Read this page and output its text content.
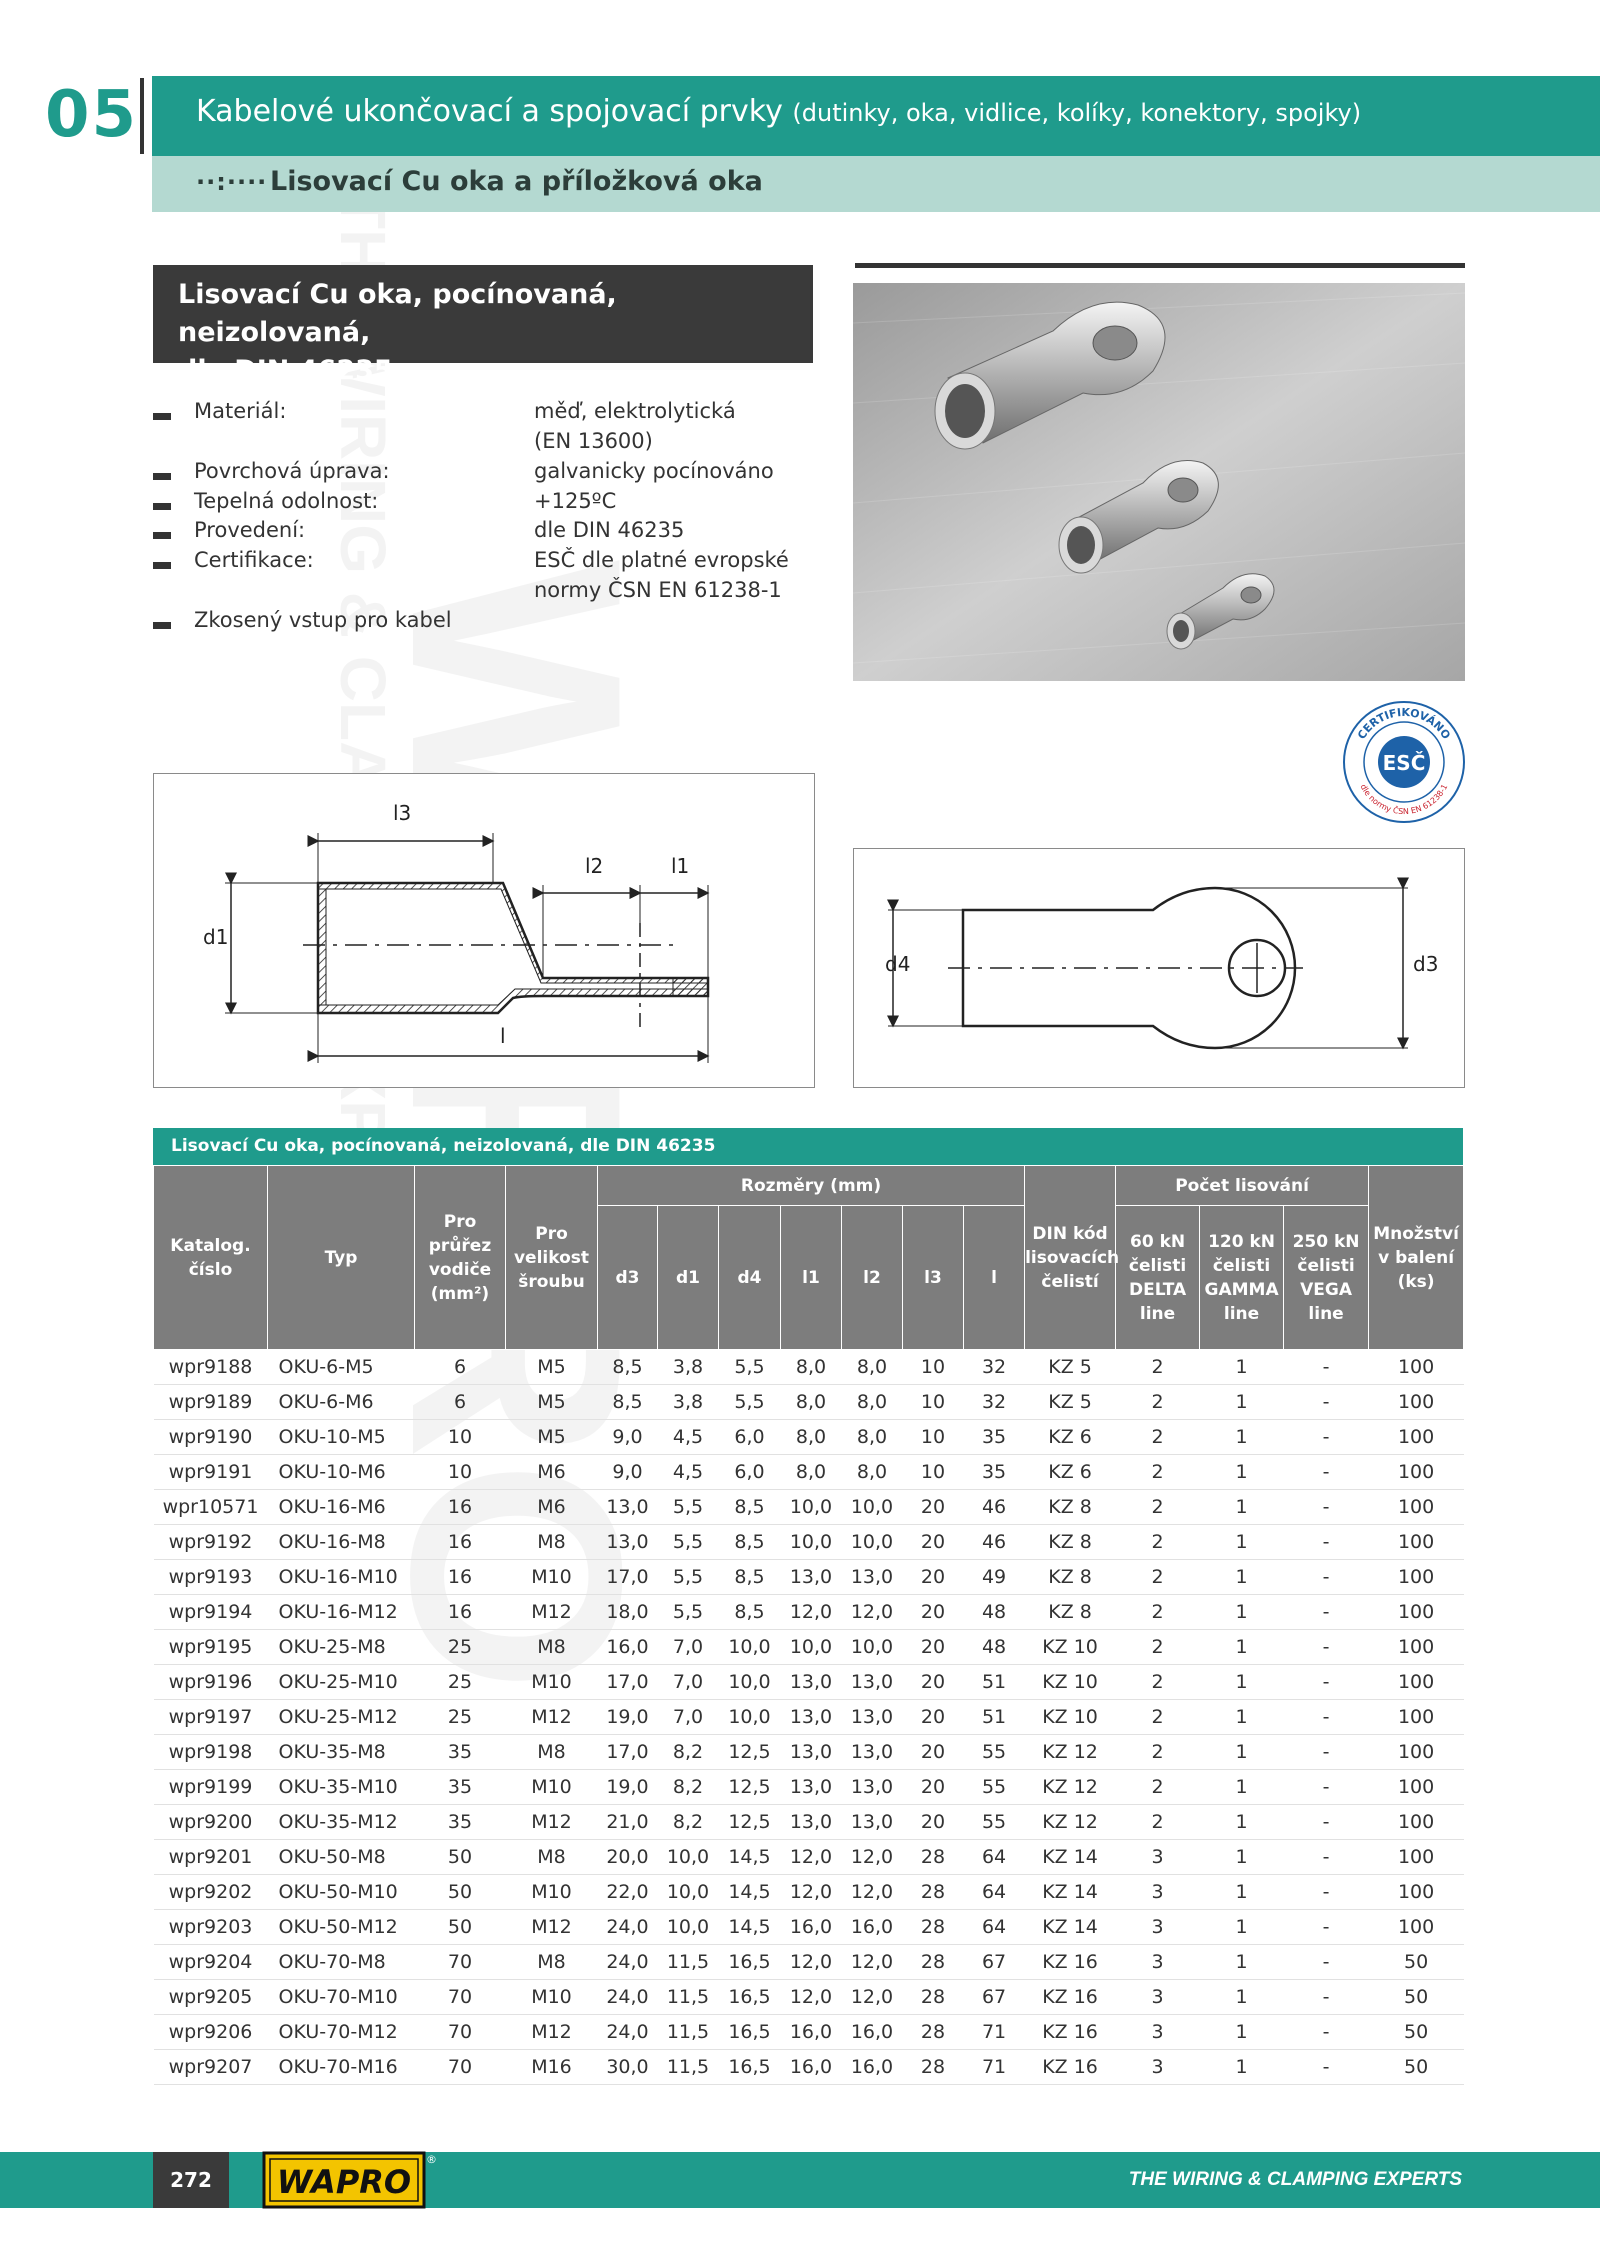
05 Kabelové ukončovací a spojovací prvky (dutinky, oka, vidlice, kolíky, konektory, spojky)
··:···· Lisovací Cu oka a příložková oka
Lisovací Cu oka, pocínovaná, neizolovaná,
dle DIN 46235
Materiál:	měď, elektrolytická
(EN 13600)
Povrchová úprava:	galvanicky pocínováno
Tepelná odolnost:	+125ºC
Provedení:	dle DIN 46235
Certifikace:	ESČ dle platné evropské
normy ČSN EN 61238-1
Zkosený vstup pro kabel
CERTIFIKOVÁNO
dle normy ČSN EN 61238-1
ESČ
d1
l3
l2	l1
l
d4	d3
Lisovací Cu oka, pocínovaná, neizolovaná, dle DIN 46235
Katalog.
číslo	Typ	Pro
průřez
vodiče
(mm²)	Pro
velikost
šroubu	Rozměry (mm)							DIN kód
lisovacích
čelistí	Počet lisování			Množství
v balení
(ks)
				d3	d1	d4	l1	l2	l3	l		60 kN
čelisti
DELTA
line	120 kN
čelisti
GAMMA
line	250 kN
čelisti
VEGA
line	
wpr9188	OKU-6-M5	6	M5	8,5	3,8	5,5	8,0	8,0	10	32	KZ 5	2	1	-	100
wpr9189	OKU-6-M6	6	M5	8,5	3,8	5,5	8,0	8,0	10	32	KZ 5	2	1	-	100
wpr9190	OKU-10-M5	10	M5	9,0	4,5	6,0	8,0	8,0	10	35	KZ 6	2	1	-	100
wpr9191	OKU-10-M6	10	M6	9,0	4,5	6,0	8,0	8,0	10	35	KZ 6	2	1	-	100
wpr10571	OKU-16-M6	16	M6	13,0	5,5	8,5	10,0	10,0	20	46	KZ 8	2	1	-	100
wpr9192	OKU-16-M8	16	M8	13,0	5,5	8,5	10,0	10,0	20	46	KZ 8	2	1	-	100
wpr9193	OKU-16-M10	16	M10	17,0	5,5	8,5	13,0	13,0	20	49	KZ 8	2	1	-	100
wpr9194	OKU-16-M12	16	M12	18,0	5,5	8,5	12,0	12,0	20	48	KZ 8	2	1	-	100
wpr9195	OKU-25-M8	25	M8	16,0	7,0	10,0	10,0	10,0	20	48	KZ 10	2	1	-	100
wpr9196	OKU-25-M10	25	M10	17,0	7,0	10,0	13,0	13,0	20	51	KZ 10	2	1	-	100
wpr9197	OKU-25-M12	25	M12	19,0	7,0	10,0	13,0	13,0	20	51	KZ 10	2	1	-	100
wpr9198	OKU-35-M8	35	M8	17,0	8,2	12,5	13,0	13,0	20	55	KZ 12	2	1	-	100
wpr9199	OKU-35-M10	35	M10	19,0	8,2	12,5	13,0	13,0	20	55	KZ 12	2	1	-	100
wpr9200	OKU-35-M12	35	M12	21,0	8,2	12,5	13,0	13,0	20	55	KZ 12	2	1	-	100
wpr9201	OKU-50-M8	50	M8	20,0	10,0	14,5	12,0	12,0	28	64	KZ 14	3	1	-	100
wpr9202	OKU-50-M10	50	M10	22,0	10,0	14,5	12,0	12,0	28	64	KZ 14	3	1	-	100
wpr9203	OKU-50-M12	50	M12	24,0	10,0	14,5	16,0	16,0	28	64	KZ 14	3	1	-	100
wpr9204	OKU-70-M8	70	M8	24,0	11,5	16,5	12,0	12,0	28	67	KZ 16	3	1	-	50
wpr9205	OKU-70-M10	70	M10	24,0	11,5	16,5	12,0	12,0	28	67	KZ 16	3	1	-	50
wpr9206	OKU-70-M12	70	M12	24,0	11,5	16,5	16,0	16,0	28	71	KZ 16	3	1	-	50
wpr9207	OKU-70-M16	70	M16	30,0	11,5	16,5	16,0	16,0	28	71	KZ 16	3	1	-	50
272	WAPRO
®
THE WIRING & CLAMPING EXPERTS
